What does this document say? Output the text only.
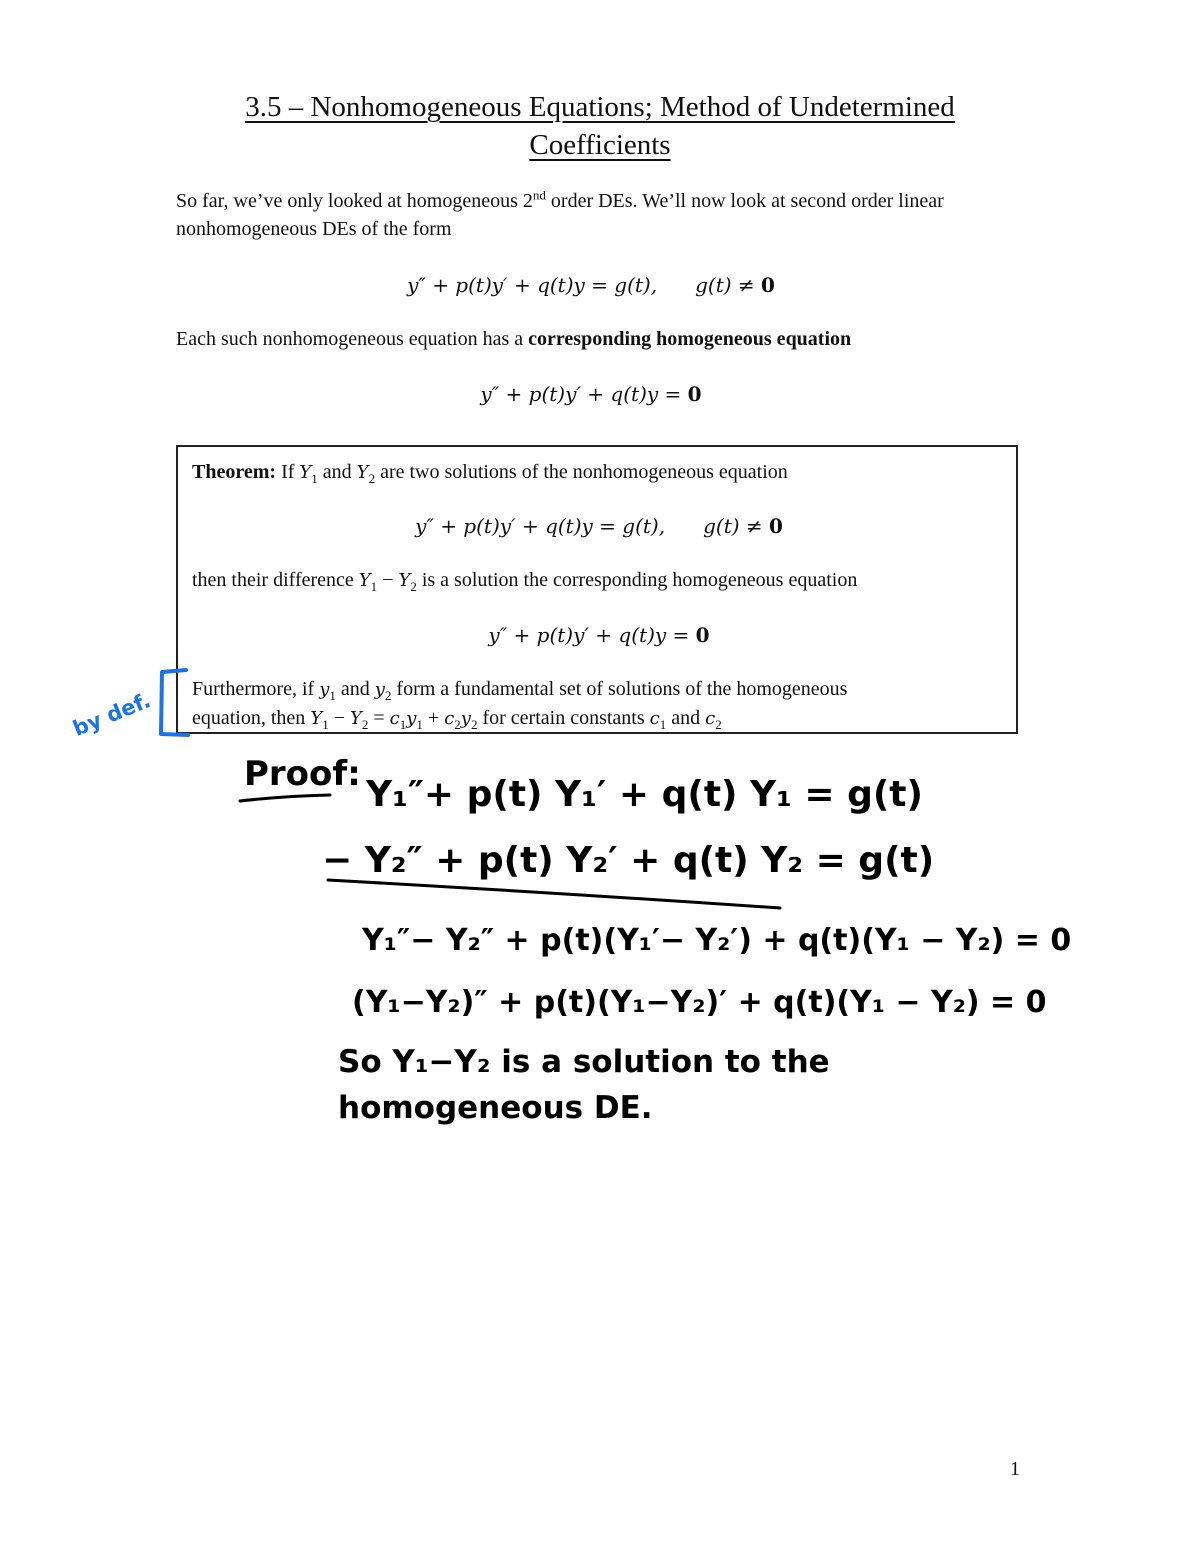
3.5 – Nonhomogeneous Equations; Method of Undetermined
Coefficients
So far, we’ve only looked at homogeneous 2nd order DEs. We’ll now look at second order linear nonhomogeneous DEs of the form
y″ + p(t)y′ + q(t)y = g(t), g(t) ≠ 0
Each such nonhomogeneous equation has a corresponding homogeneous equation
y″ + p(t)y′ + q(t)y = 0
Theorem: If $Y_1$ and $Y_2$ are two solutions of the nonhomogeneous equation
y″ + p(t)y′ + q(t)y = g(t), g(t) ≠ 0
then their difference $Y_1 - Y_2$ is a solution the corresponding homogeneous equation
y″ + p(t)y′ + q(t)y = 0
Furthermore, if $y_1$ and $y_2$ form a fundamental set of solutions of the homogeneous
equation, then $Y_1 - Y_2 = c_1y_1 + c_2y_2$ for certain constants $c_1$ and $c_2$
by def.
Proof: Y₁″+ p(t) Y₁′ + q(t) Y₁ = g(t)
− Y₂″ + p(t) Y₂′ + q(t) Y₂ = g(t)
Y₁″− Y₂″ + p(t)(Y₁′− Y₂′) + q(t)(Y₁ − Y₂) = 0
(Y₁−Y₂)″ + p(t)(Y₁−Y₂)′ + q(t)(Y₁ − Y₂) = 0
So Y₁−Y₂ is a solution to the
homogeneous DE.
1
